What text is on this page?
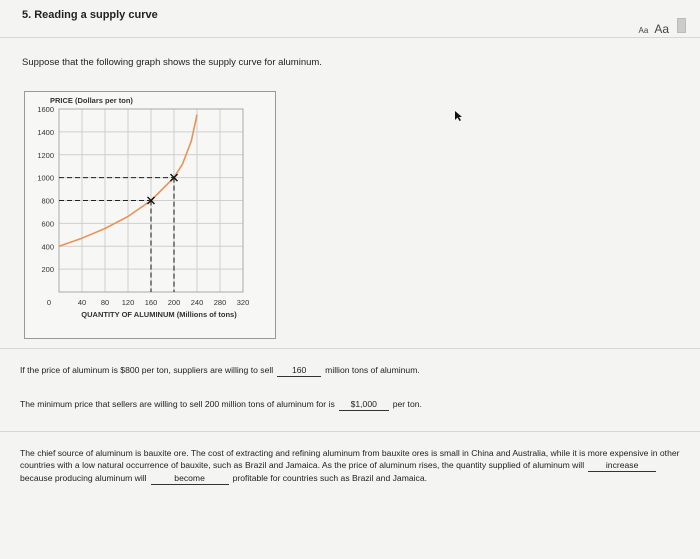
5. Reading a supply curve
Aa Aa
Suppose that the following graph shows the supply curve for aluminum.
200
400
600
800
1000
1200
1400
1600
0	40 80 120 160 200 240 280 320
PRICE (Dollars per ton)
QUANTITY OF ALUMINUM (Millions of tons)
If the price of aluminum is $800 per ton, suppliers are willing to sell 160 million tons of aluminum.
The minimum price that sellers are willing to sell 200 million tons of aluminum for is $1,000 per ton.
The chief source of aluminum is bauxite ore. The cost of extracting and refining aluminum from bauxite ores is small in China and Australia, while it is more expensive in other countries with a low natural occurrence of bauxite, such as Brazil and Jamaica. As the price of aluminum rises, the quantity supplied of aluminum will	increasebecause producing aluminum will	become	profitable for countries such as Brazil and Jamaica.
